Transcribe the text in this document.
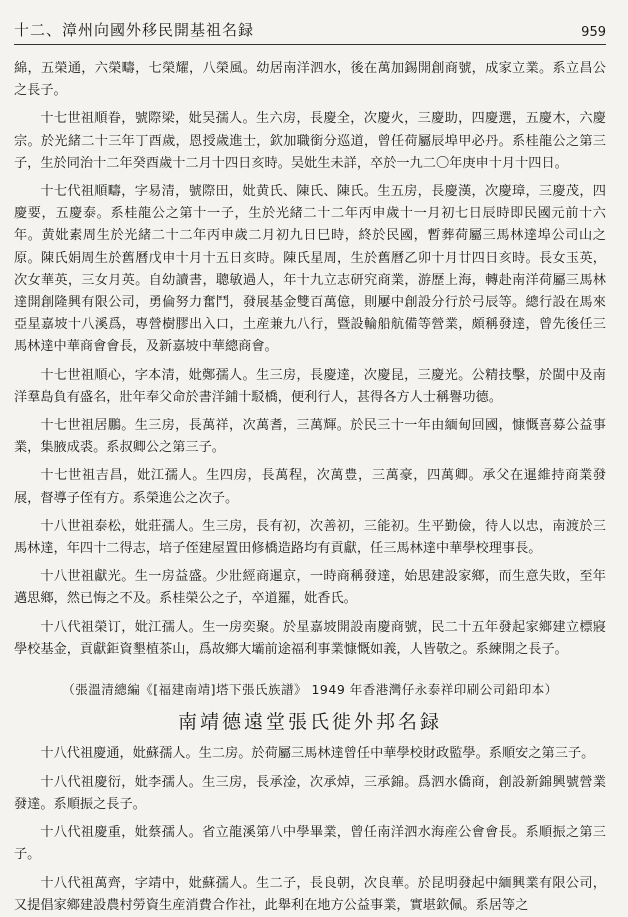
十二、漳州向國外移民開基祖名録	959

綿，五榮通，六榮疇，七榮耀，八榮風。幼居南洋泗水，後在萬加錫開創商號，成家立業。系立昌公之長子。

十七世祖順眷，號際梁，妣吴孺人。生六房，長慶全，次慶火，三慶助，四慶選，五慶木，六慶宗。於光緒二十三年丁酉歲，恩授歲進士，欽加職銜分巡道，曾任荷屬辰埠甲必丹。系桂龍公之第三子，生於同治十二年癸酉歲十二月十四日亥時。吴妣生未詳，卒於一九二〇年庚申十月十四日。

十七代祖順疇，字易清，號際田，妣黄氏、陳氏、陳氏。生五房，長慶漢，次慶璋，三慶茂，四慶要，五慶泰。系桂龍公之第十一子，生於光緒二十二年丙申歲十一月初七日辰時即民國元前十六年。黄妣素周生於光緒二十二年丙申歲二月初九日巳時，終於民國，暫葬荷屬三馬林達埠公司山之原。陳氏娟周生於舊曆戊申十月十五日亥時。陳氏星周，生於舊曆乙卯十月廿四日亥時。長女玉英，次女華英，三女月英。自幼讀書，聰敏過人，年十九立志研究商業，游歷上海，轉赴南洋荷屬三馬林達開創隆興有限公司，勇倫努力奮鬥，發展基金雙百萬億，則屢中創設分行於弓辰等。總行設在馬來亞星嘉坡十八溪爲，專營樹膠出入口，土産兼九八行，暨設輪船航備等營業，頗稱發達，曾先後任三馬林達中華商會會長，及新嘉坡中華總商會。

十七世祖順心，字本清，妣鄭孺人。生三房，長慶達，次慶昆，三慶光。公精技擊，於閩中及南洋羣島負有盛名，壯年奉父命於書洋鋪十駁橋，便利行人，甚得各方人士稱譽功德。

十七世祖居鵬。生三房，長萬祥，次萬耆，三萬輝。於民三十一年由緬甸回國，慷慨喜募公益事業，集腋成裘。系叔卿公之第三子。

十七世祖吉昌，妣江孺人。生四房，長萬程，次萬豊，三萬豪，四萬卿。承父在暹維持商業發展，督導子侄有方。系榮進公之次子。

十八世祖泰松，妣莊孺人。生三房，長有初，次善初，三能初。生平勤儉，待人以忠，南渡於三馬林達，年四十二得志，培子侄建屋置田修橋造路均有貢獻，任三馬林達中華學校理事長。

十八世祖獻光。生一房益盛。少壯經商暹京，一時商稱發達，始思建設家鄉，而生意失敗，至年邁思鄉，然已悔之不及。系桂榮公之子，卒道羅，妣香氏。

十八代祖榮订，妣江孺人。生一房奕聚。於星嘉坡開設南慶商號，民二十五年發起家鄉建立標寢學校基金，貢獻鉅資墾植茶山，爲故鄉大壩前途福利事業慷慨如義，人皆敬之。系練開之長子。

（張溫清總編《[福建南靖]塔下張氏族譜》 1949 年香港灣仔永泰祥印刷公司鉛印本）
南靖德遠堂張氏徙外邦名録

十八代祖慶通，妣蘇孺人。生二房。於荷屬三馬林達曾任中華學校財政監學。系順安之第三子。

十八代祖慶衍，妣李孺人。生三房，長承淦，次承焯，三承錦。爲泗水僑商，創設新錦興號營業發達。系順振之長子。

十八代祖慶重，妣蔡孺人。省立龍溪第八中學畢業，曾任南洋泗水海産公會會長。系順振之第三子。

十八代祖萬齊，字靖中，妣蘇孺人。生二子，長良朝，次良華。於昆明發起中緬興業有限公司，又提倡家鄉建設農村勞資生産消費合作社，此舉利在地方公益事業，實堪欽佩。系居等之
